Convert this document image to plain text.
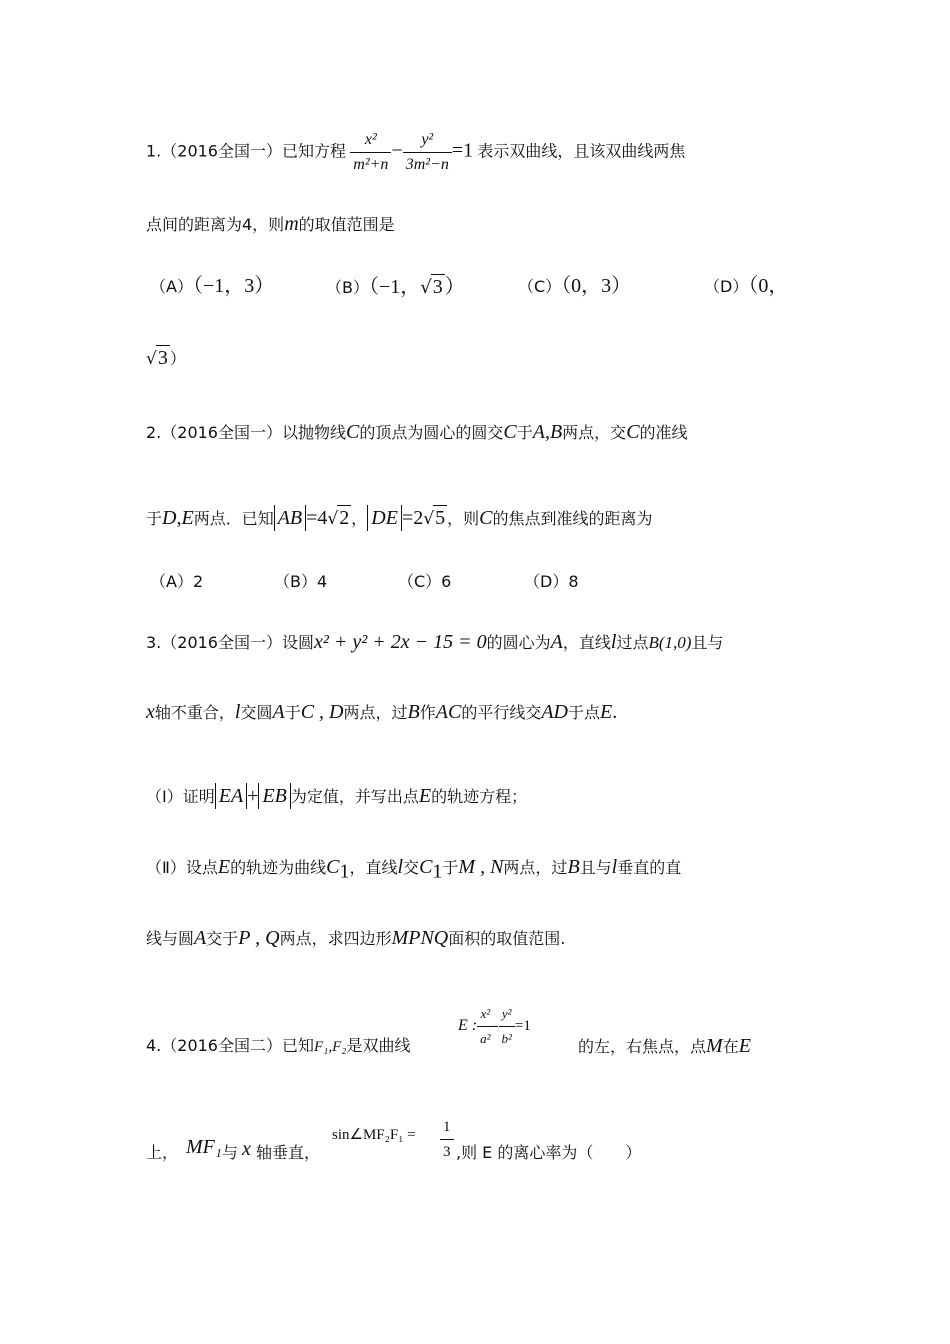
1.（2016全国一）已知方程 $\frac{\text{x²}}{\text{m²+n}} - \frac{\text{y²}}{\text{3m²−n}} =1$ 表示双曲线，且该双曲线两焦
点间的距离为4，则m的取值范围是
（A）（−1，3）	（B）（−1，√3 ）	（C）（0，3）	（D）（0，
√3 ）
2.（2016全国一）以抛物线C的顶点为圆心的圆交C于A,B两点，交C的准线
于D,E两点．已知 AB =4√2 ， DE =2√5 ，则C的焦点到准线的距离为
（A）2	（B）4	（C）6	（D）8
3.（2016全国一）设圆x² + y² + 2x − 15 = 0的圆心为A，直线l过点B(1,0)且与
x轴不重合，l交圆A于C , D两点，过B作AC的平行线交AD于点E.
（Ⅰ）证明 EA + EB 为定值，并写出点E的轨迹方程；
（Ⅱ）设点E的轨迹为曲线$C_1$，直线l交$C_1$于M , N两点，过B且与l垂直的直
线与圆A交于P , Q两点，求四边形MPNQ面积的取值范围.
4.（2016全国二）已知F₁,F₂是双曲线
E : $\frac{\text{x²}}{\text{a²}} - \frac{\text{y²}}{\text{b²}} =1$
的左，右焦点，点M在E
上， MF₁ 与 x 轴垂直，
sin∠MF₂F₁ = $\frac{1}{3}$ ,则 E 的离心率为（　　）
